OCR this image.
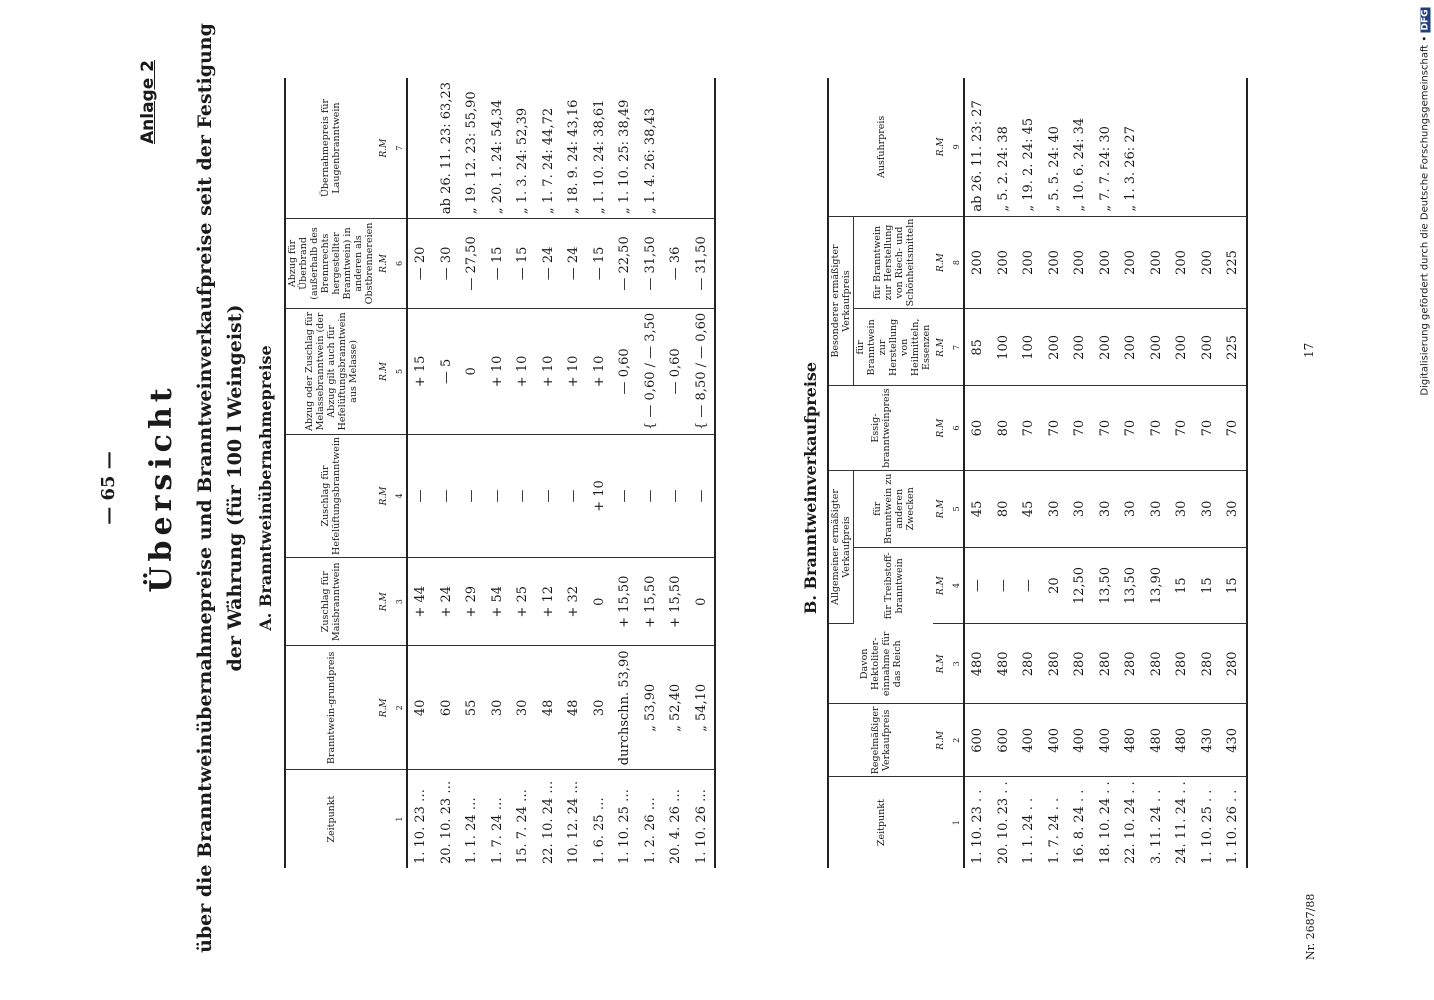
— 65 —
Anlage 2
Übersicht über die Branntweinübernahmepreise und Branntweinverkaufpreise seit der Festigung der Währung (für 100 l Weingeist) A. Branntweinübernahmepreise
Zeitpunkt	Branntwein-grundpreis	Zuschlag für Maisbranntwein	Zuschlag für Hefelüftungsbranntwein	Abzug oder Zuschlag für Melassebranntwein (der Abzug gilt auch für Hefelüftungsbranntwein aus Melasse)	Abzug für Überbrand (außerhalb des Brennrechts hergestellter Branntwein) in anderen als Obstbrennereien	Übernahmepreis für Laugenbranntwein
	R.M	R.M	R.M	R.M	R.M	R.M
1	2	3	4	5	6	7
1. 10. 23 …	40	+ 44	—	+ 15	— 20	
20. 10. 23 …	60	+ 24	—	— 5	— 30	ab 26. 11. 23: 63,23
1. 1. 24 …	55	+ 29	—	0	— 27,50	„ 19. 12. 23: 55,90
1. 7. 24 …	30	+ 54	—	+ 10	— 15	„ 20. 1. 24: 54,34
15. 7. 24 …	30	+ 25	—	+ 10	— 15	„ 1. 3. 24: 52,39
22. 10. 24 …	48	+ 12	—	+ 10	— 24	„ 1. 7. 24: 44,72
10. 12. 24 …	48	+ 32	—	+ 10	— 24	„ 18. 9. 24: 43,16
1. 6. 25 …	30	0	+ 10	+ 10	— 15	„ 1. 10. 24: 38,61
1. 10. 25 …	durchschn. 53,90	+ 15,50	—	— 0,60	— 22,50	„ 1. 10. 25: 38,49
1. 2. 26 …	„ 53,90	+ 15,50	—	{ — 0,60 / — 3,50	— 31,50	„ 1. 4. 26: 38,43
20. 4. 26 …	„ 52,40	+ 15,50	—	— 0,60	— 36	
1. 10. 26 …	„ 54,10	0	—	{ — 8,50 / — 0,60	— 31,50	
B. Branntweinverkaufpreise
Zeitpunkt	Regelmäßiger Verkaufpreis	Davon Hektoliter-einnahme für das Reich	Allgemeiner ermäßigter Verkaufpreis		Essig-branntweinpreis	Besonderer ermäßigter Verkaufpreis		Ausfuhrpreis
			für Treibstoff-branntwein	für Branntwein zu anderen Zwecken		für Branntwein zur Herstellung von Heilmitteln, Essenzen	für Branntwein zur Herstellung von Riech- und Schönheitsmitteln	
	R.M	R.M	R.M	R.M	R.M	R.M	R.M	R.M
1	2	3	4	5	6	7	8	9
1. 10. 23 . .	600	480	—	45	60	85	200	ab 26. 11. 23: 27
20. 10. 23 . .	600	480	—	80	80	100	200	„ 5. 2. 24: 38
1. 1. 24 . .	400	280	—	45	70	100	200	„ 19. 2. 24: 45
1. 7. 24 . .	400	280	20	30	70	200	200	„ 5. 5. 24: 40
16. 8. 24 . .	400	280	12,50	30	70	200	200	„ 10. 6. 24: 34
18. 10. 24 . .	400	280	13,50	30	70	200	200	„ 7. 7. 24: 30
22. 10. 24 . .	480	280	13,50	30	70	200	200	„ 1. 3. 26: 27
3. 11. 24 . .	480	280	13,90	30	70	200	200	
24. 11. 24 . .	480	280	15	30	70	200	200	
1. 10. 25 . .	430	280	15	30	70	200	200	
1. 10. 26 . .	430	280	15	30	70	225	225	
Nr. 2687/88
17	Digitalisierung gefördert durch die Deutsche Forschungsgemeinschaft • DFG
